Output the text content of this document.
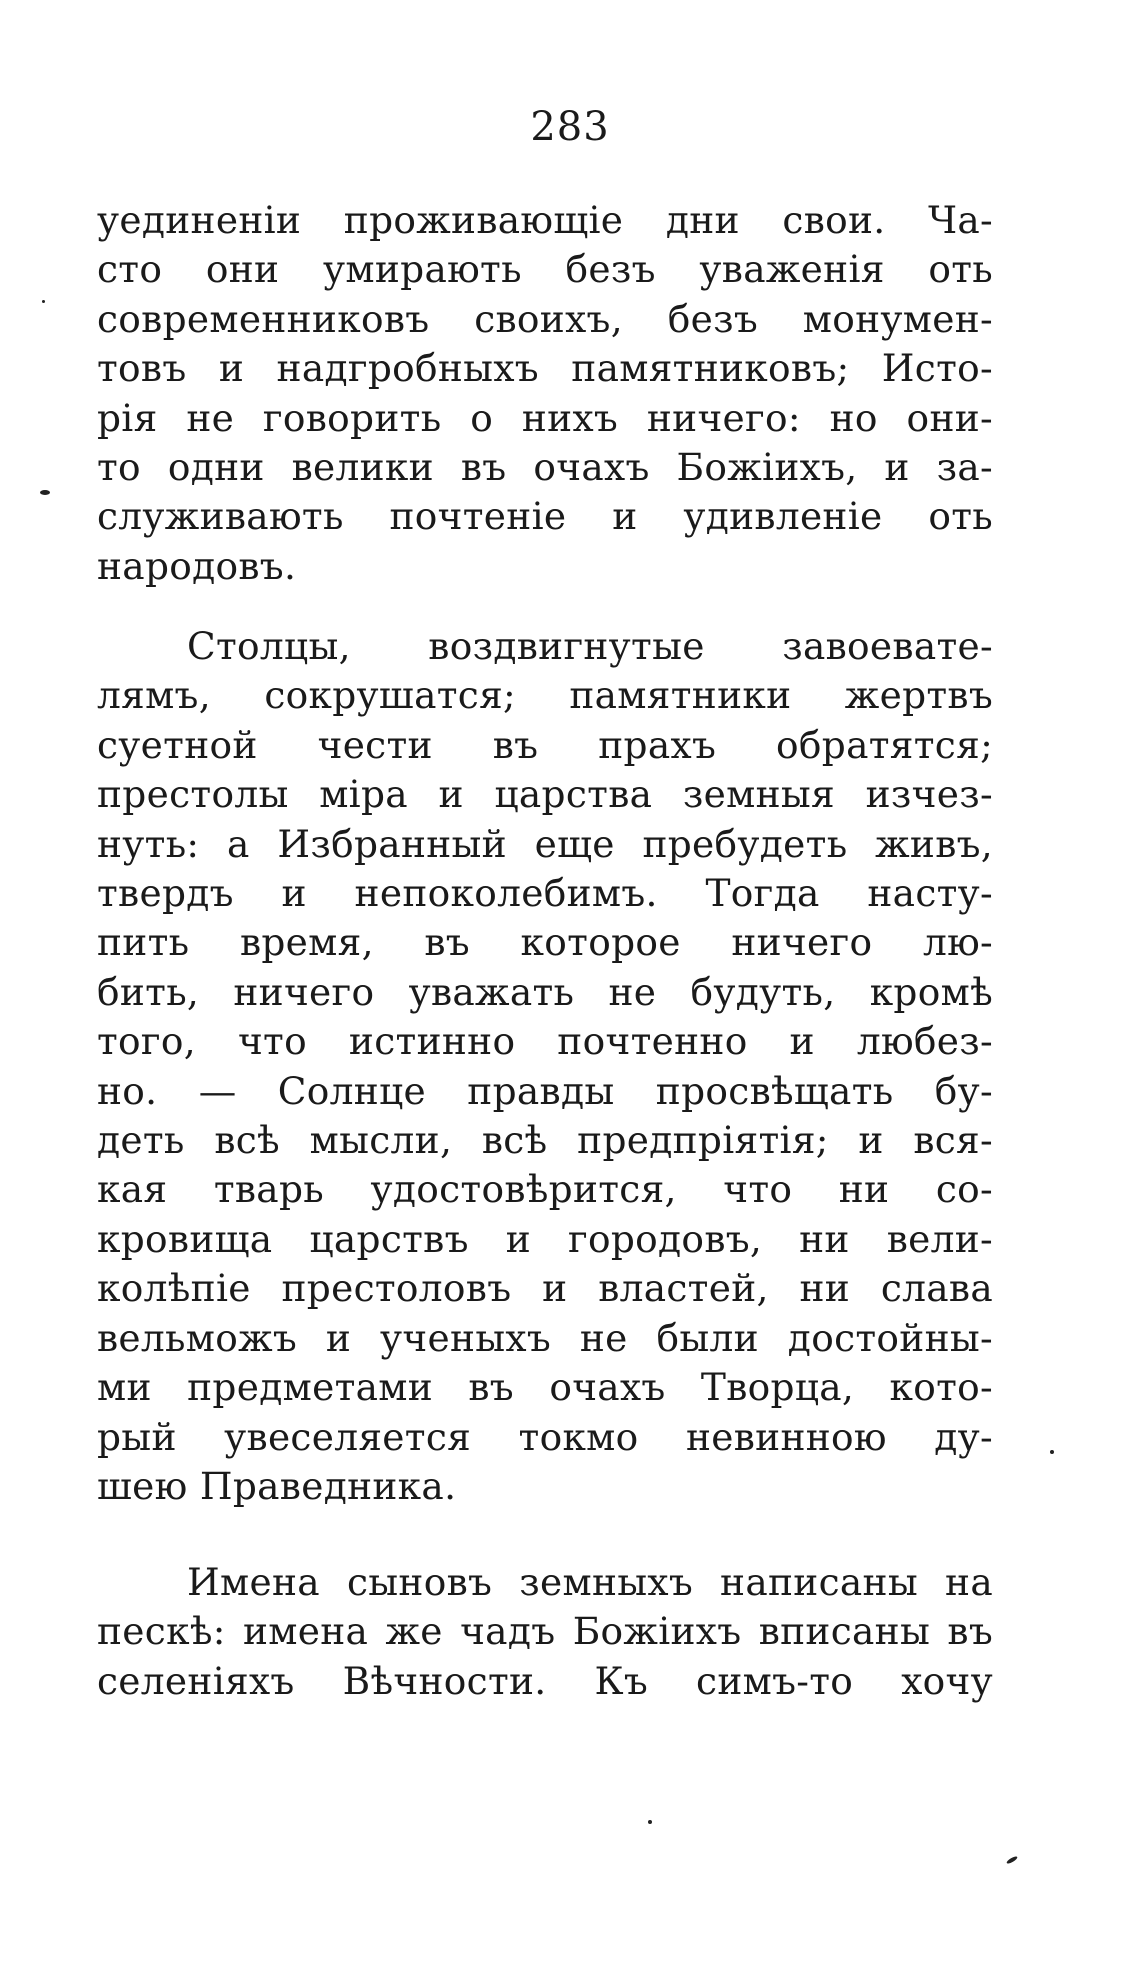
283
уединенiи проживающiе дни свои. Ча-
сто они умирають безъ уваженiя оть
современниковъ своихъ, безъ монумен-
товъ и надгробныхъ памятниковъ; Исто-
рiя не говорить о нихъ ничего: но они-
то одни велики въ очахъ Божiихъ, и за-
служивають почтенiе и удивленiе оть
народовъ.
Столцы, воздвигнутые завоевате-
лямъ, сокрушатся; памятники жертвъ
суетной чести въ прахъ обратятся;
престолы мiра и царства земныя изчез-
нуть: а Избранный еще пребудеть живъ,
твердъ и непоколебимъ. Тогда насту-
пить время, въ которое ничего лю-
бить, ничего уважать не будуть, кромѣ
того, что истинно почтенно и любез-
но. — Солнце правды просвѣщать бу-
деть всѣ мысли, всѣ предпрiятiя; и вся-
кая тварь удостовѣрится, что ни со-
кровища царствъ и городовъ, ни вели-
колѣпiе престоловъ и властей, ни слава
вельможъ и ученыхъ не были достойны-
ми предметами въ очахъ Творца, кото-
рый увеселяется токмо невинною ду-
шею Праведника.
Имена сыновъ земныхъ написаны на
пескѣ: имена же чадъ Божiихъ вписаны въ
селенiяхъ Вѣчности. Къ симъ-то хочу
